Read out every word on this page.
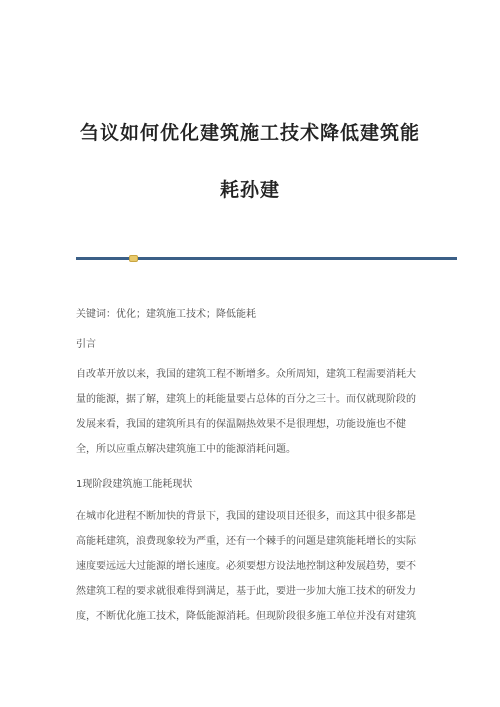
刍议如何优化建筑施工技术降低建筑能
耗孙建
关键词：优化；建筑施工技术；降低能耗
引言
自改革开放以来，我国的建筑工程不断增多。众所周知，建筑工程需要消耗大
量的能源，据了解，建筑上的耗能量要占总体的百分之三十。而仅就现阶段的
发展来看，我国的建筑所具有的保温隔热效果不是很理想，功能设施也不健
全，所以应重点解决建筑施工中的能源消耗问题。
1现阶段建筑施工能耗现状
在城市化进程不断加快的背景下，我国的建设项目还很多，而这其中很多都是
高能耗建筑，浪费现象较为严重，还有一个棘手的问题是建筑能耗增长的实际
速度要远远大过能源的增长速度。必须要想方设法地控制这种发展趋势，要不
然建筑工程的要求就很难得到满足，基于此，要进一步加大施工技术的研发力
度，不断优化施工技术，降低能源消耗。但现阶段很多施工单位并没有对建筑
